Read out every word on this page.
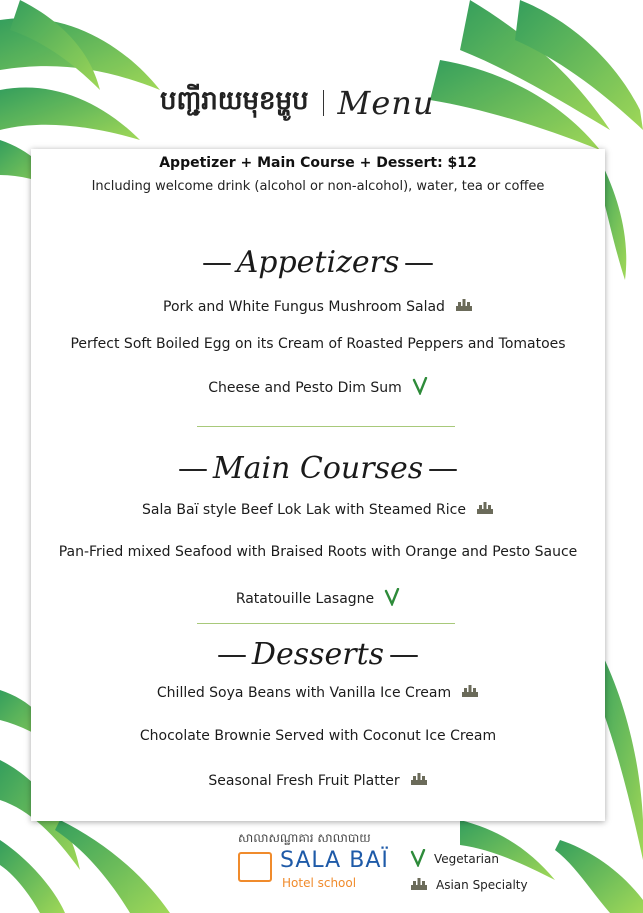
បញ្ជីរាយមុខម្ហូប Menu
Appetizer + Main Course + Dessert: $12
Including welcome drink (alcohol or non-alcohol), water, tea or coffee
Appetizers
Pork and White Fungus Mushroom Salad
Perfect Soft Boiled Egg on its Cream of Roasted Peppers and Tomatoes
Cheese and Pesto Dim Sum
Main Courses
Sala Baï style Beef Lok Lak with Steamed Rice
Pan-Fried mixed Seafood with Braised Roots with Orange and Pesto Sauce
Ratatouille Lasagne
Desserts
Chilled Soya Beans with Vanilla Ice Cream
Chocolate Brownie Served with Coconut Ice Cream
Seasonal Fresh Fruit Platter
សាលាសណ្ឋាគារ សាលាបាយ
SALA BAÏ
Hotel school
Vegetarian
Asian Specialty
